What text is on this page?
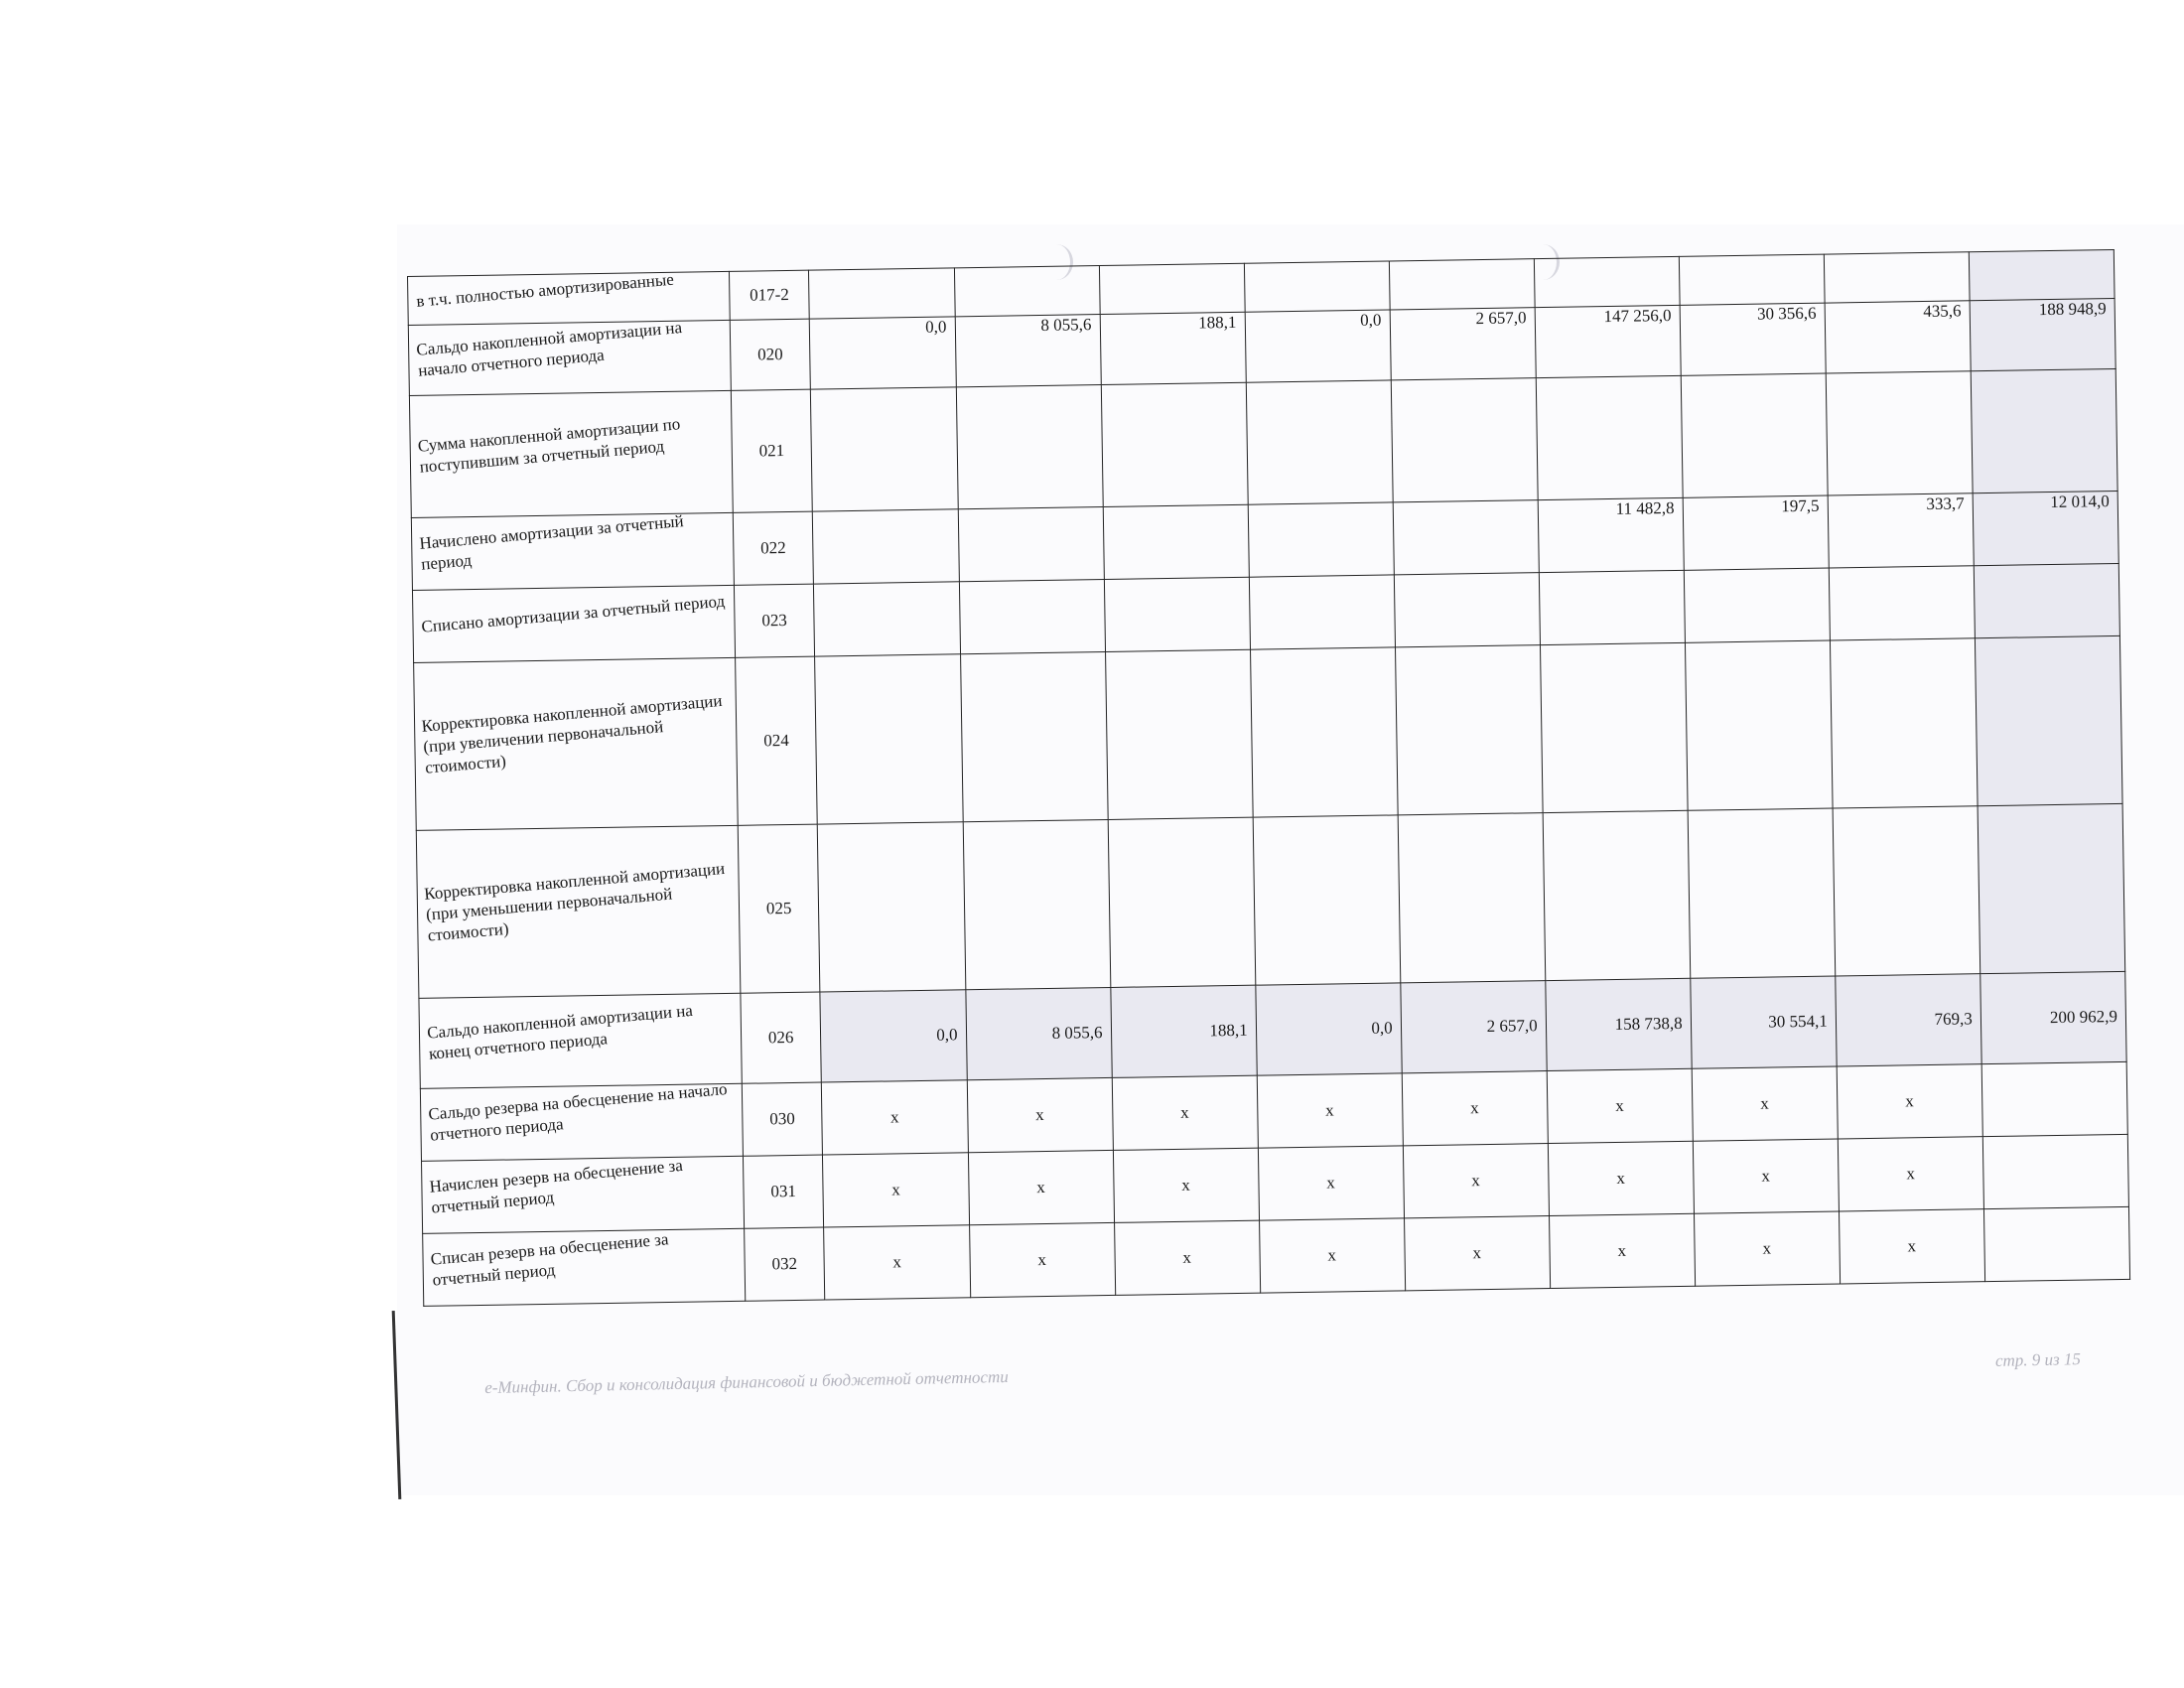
в т.ч. полностью амортизированные	017-2									
Сальдо накопленной амортизации на начало отчетного периода	020	0,0	8 055,6	188,1	0,0	2 657,0	147 256,0	30 356,6	435,6	188 948,9
Сумма накопленной амортизации по поступившим за отчетный период	021									
Начислено амортизации за отчетный период	022						11 482,8	197,5	333,7	12 014,0
Списано амортизации за отчетный период	023									
Корректировка накопленной амортизации (при увеличении первоначальной стоимости)	024									
Корректировка накопленной амортизации (при уменьшении первоначальной стоимости)	025									
Сальдо накопленной амортизации на конец отчетного периода	026	0,0	8 055,6	188,1	0,0	2 657,0	158 738,8	30 554,1	769,3	200 962,9
Сальдо резерва на обесценение на начало отчетного периода	030	x	x	x	x	x	x	x	x	
Начислен резерв на обесценение за отчетный период	031	x	x	x	x	x	x	x	x	
Списан резерв на обесценение за отчетный период	032	x	x	x	x	x	x	x	x	
е-Минфин. Сбор и консолидация финансовой и бюджетной отчетности
стр. 9 из 15
